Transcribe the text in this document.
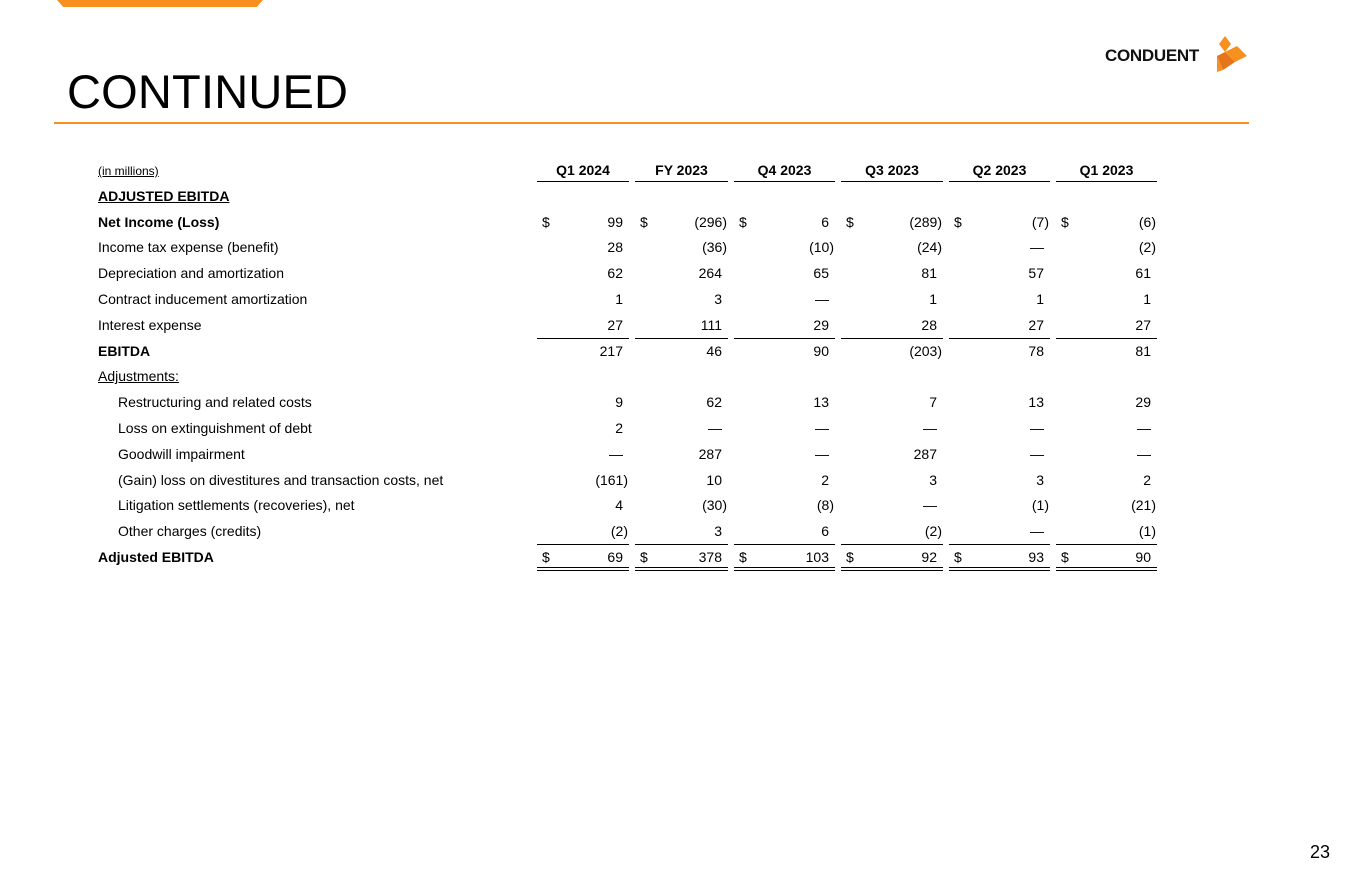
CONTINUED
CONDUENT
(in millions)	Q1 2024	FY 2023	Q4 2023	Q3 2023	Q2 2023	Q1 2023
ADJUSTED EBITDA
Net Income (Loss)	$	99 $	(296) $	6 $	(289) $	(7) $	(6)
Income tax expense (benefit)	28	(36)	(10)	(24)	—	(2)
Depreciation and amortization	62	264	65	81	57	61
Contract inducement amortization	1	3	—	1	1	1
Interest expense	27	111	29	28	27	27
EBITDA	217	46	90	(203)	78	81
Adjustments:
Restructuring and related costs	9	62	13	7	13	29
Loss on extinguishment of debt	2	—	—	—	—	—
Goodwill impairment	—	287	—	287	—	—
(Gain) loss on divestitures and transaction costs, net	(161)	10	2	3	3	2
Litigation settlements (recoveries), net	4	(30)	(8)	—	(1)	(21)
Other charges (credits)	(2)	3	6	(2)	—	(1)
Adjusted EBITDA	$	69 $	378 $	103 $	92 $	93 $	90
23
